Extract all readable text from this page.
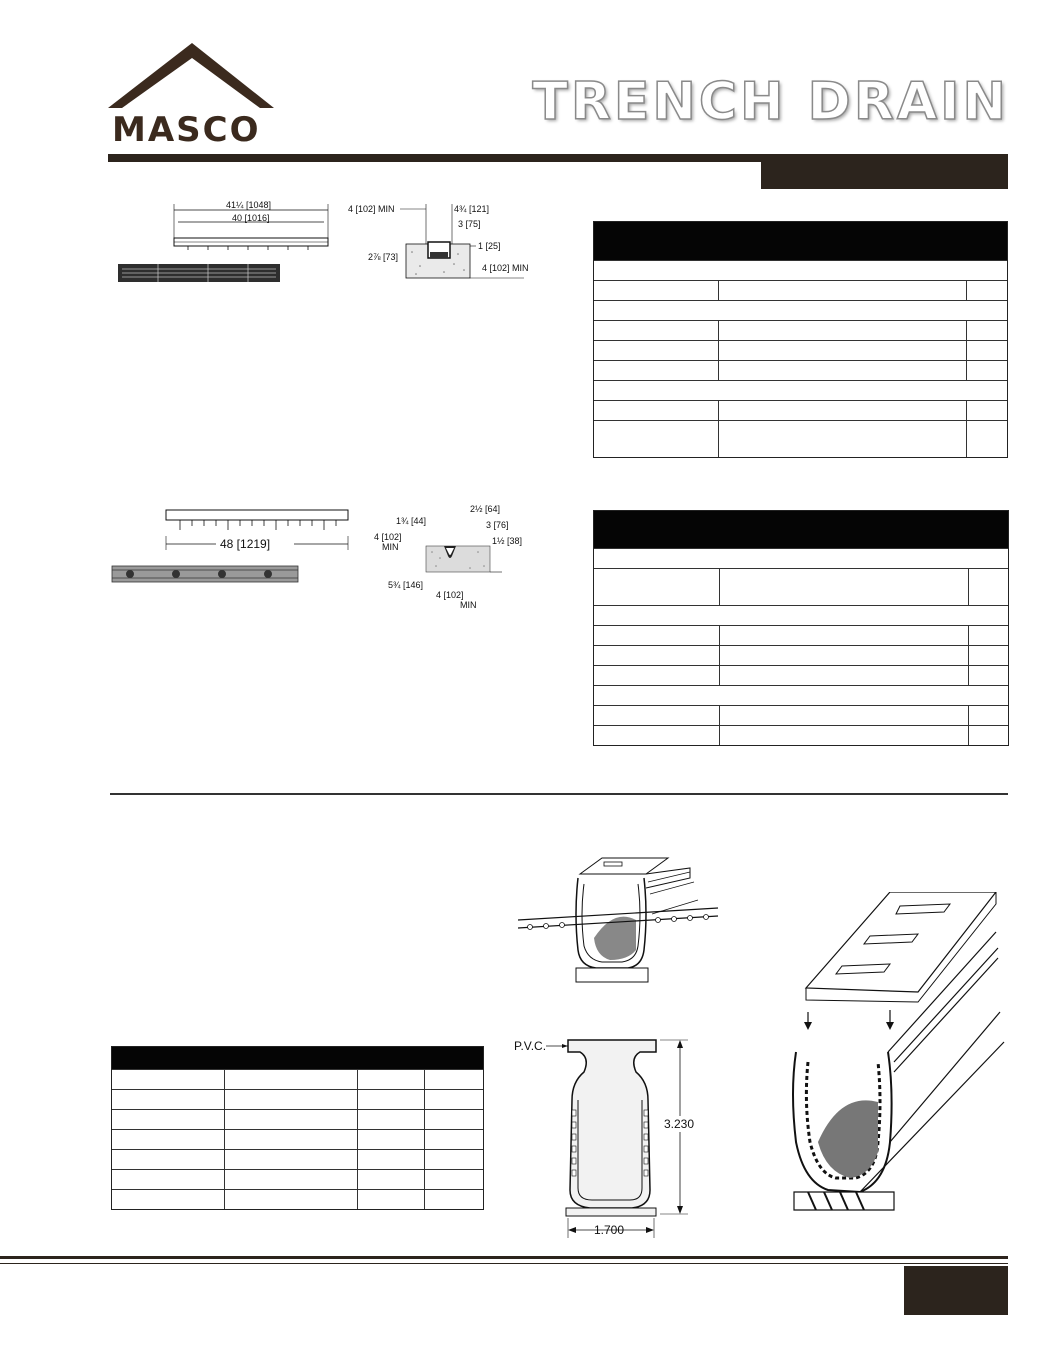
MASCO	TRENCH DRAIN
41¼ [1048]
40 [1016]
4 [102] MIN	4¾ [121]
3 [75]
2⅞ [73]
1 [25]
4 [102] MIN
48 [1219]
1¾ [44]
2½ [64]
3 [76]
4 [102]
MIN
1½ [38]
5¾ [146]
4 [102]
MIN
P.V.C.
3.230
1.700
